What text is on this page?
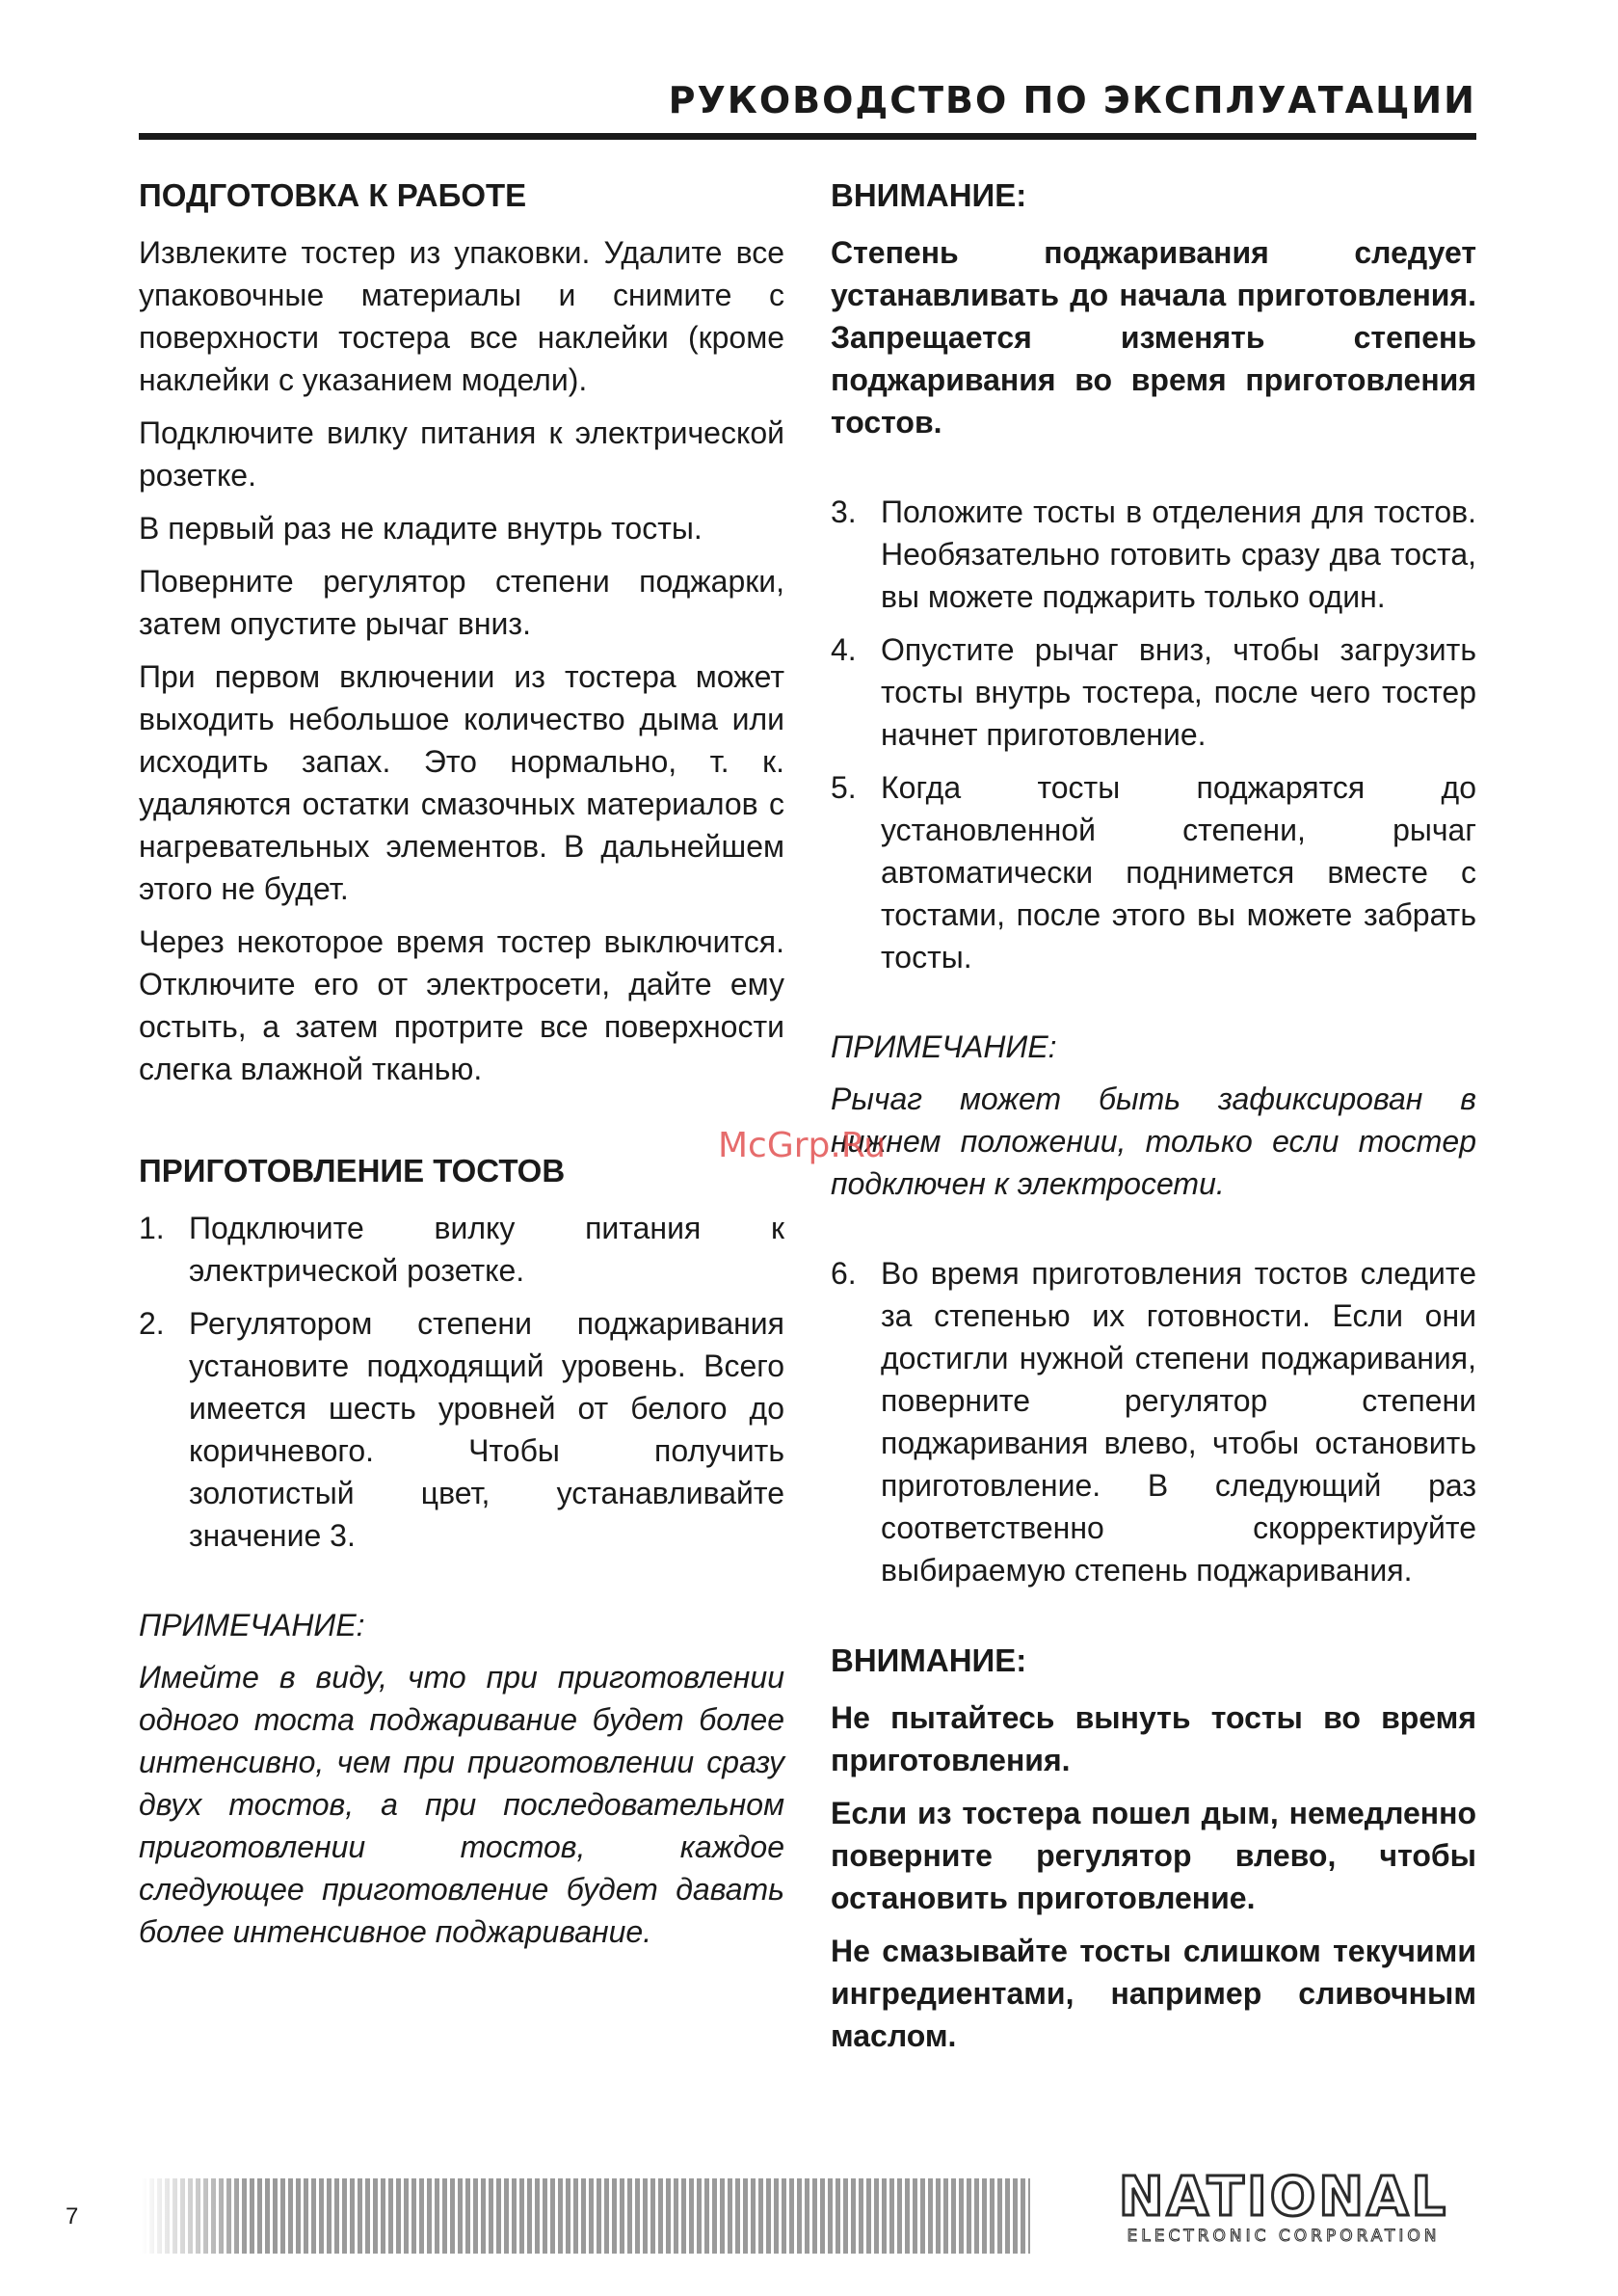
РУКОВОДСТВО ПО ЭКСПЛУАТАЦИИ
ПОДГОТОВКА К РАБОТЕ

Извлеките тостер из упаковки. Удалите все упаковочные материалы и снимите с поверхности тостера все наклейки (кроме наклейки с указанием модели).

Подключите вилку питания к электрической розетке.

В первый раз не кладите внутрь тосты.

Поверните регулятор степени поджарки, затем опустите рычаг вниз.

При первом включении из тостера может выходить небольшое количество дыма или исходить запах. Это нормально, т. к. удаляются остатки смазочных материалов с нагревательных элементов. В дальнейшем этого не будет.

Через некоторое время тостер выключится. Отключите его от электросети, дайте ему остыть, а затем протрите все поверхности слегка влажной тканью.

ПРИГОТОВЛЕНИЕ ТОСТОВ
1. Подключите вилку питания к электрической розетке.
2. Регулятором степени поджаривания установите подходящий уровень. Всего имеется шесть уровней от белого до коричневого. Чтобы получить золотистый цвет, устанавливайте значение 3.
ПРИМЕЧАНИЕ:

Имейте в виду, что при приготовлении одного тоста поджаривание будет более интенсивно, чем при приготовлении сразу двух тостов, а при последовательном приготовлении тостов, каждое следующее приготовление будет давать более интенсивное поджаривание.

ВНИМАНИЕ:

Степень поджаривания следует устанавливать до начала приготовления. Запрещается изменять степень поджаривания во время приготовления тостов.

3. Положите тосты в отделения для тостов. Необязательно готовить сразу два тоста, вы можете поджарить только один.
4. Опустите рычаг вниз, чтобы загрузить тосты внутрь тостера, после чего тостер начнет приготовление.
5. Когда тосты поджарятся до установленной степени, рычаг автоматически поднимется вместе с тостами, после этого вы можете забрать тосты.
ПРИМЕЧАНИЕ:

Рычаг может быть зафиксирован в нижнем положении, только если тостер подключен к электросети.

6. Во время приготовления тостов следите за степенью их готовности. Если они достигли нужной степени поджаривания, поверните регулятор степени поджаривания влево, чтобы остановить приготовление. В следующий раз соответственно скорректируйте выбираемую степень поджаривания.
ВНИМАНИЕ:

Не пытайтесь вынуть тосты во время приготовления.

Если из тостера пошел дым, немедленно поверните регулятор влево, чтобы остановить приготовление.

Не смазывайте тосты слишком текучими ингредиентами, например сливочным маслом.

McGrp.Ru
7	NATIONAL
ELECTRONIC CORPORATION
